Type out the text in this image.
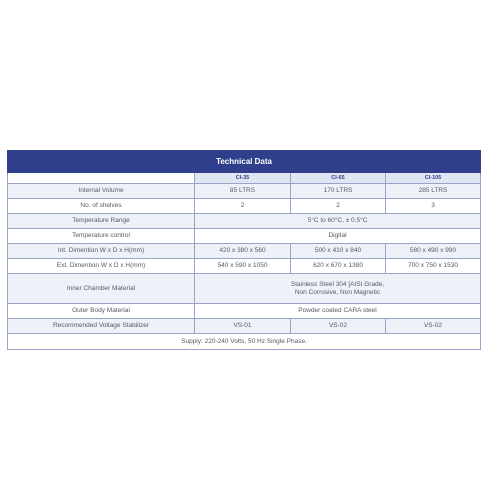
Technical Data			
	CI-35	CI-65	CI-105
Internal Volume	85 LTRS	170 LTRS	285 LTRS
No. of shelves	2	2	3
Temperature Range	5°C to 60°C, ± 0.5°C		
Temperature control	Digital		
Int. Dimention W x D x H(mm)	420 x 380 x 560	500 x 410 x 840	580 x 490 x 990
Ext. Dimention W x D x H(mm)	540 x 590 x 1050	620 x 670 x 1380	700 x 750 x 1530
Inner Chamber Material	Stainless Steel 304 [AISI Grade,
Non Corrosive, Non Magnetic		

Outer Body Material	Powder coated CARA steel		
Recommended Voltage Stabilizer	VS-01	VS-02	VS-02
Supply: 220-240 Volts, 50 Hz Single Phase.			
